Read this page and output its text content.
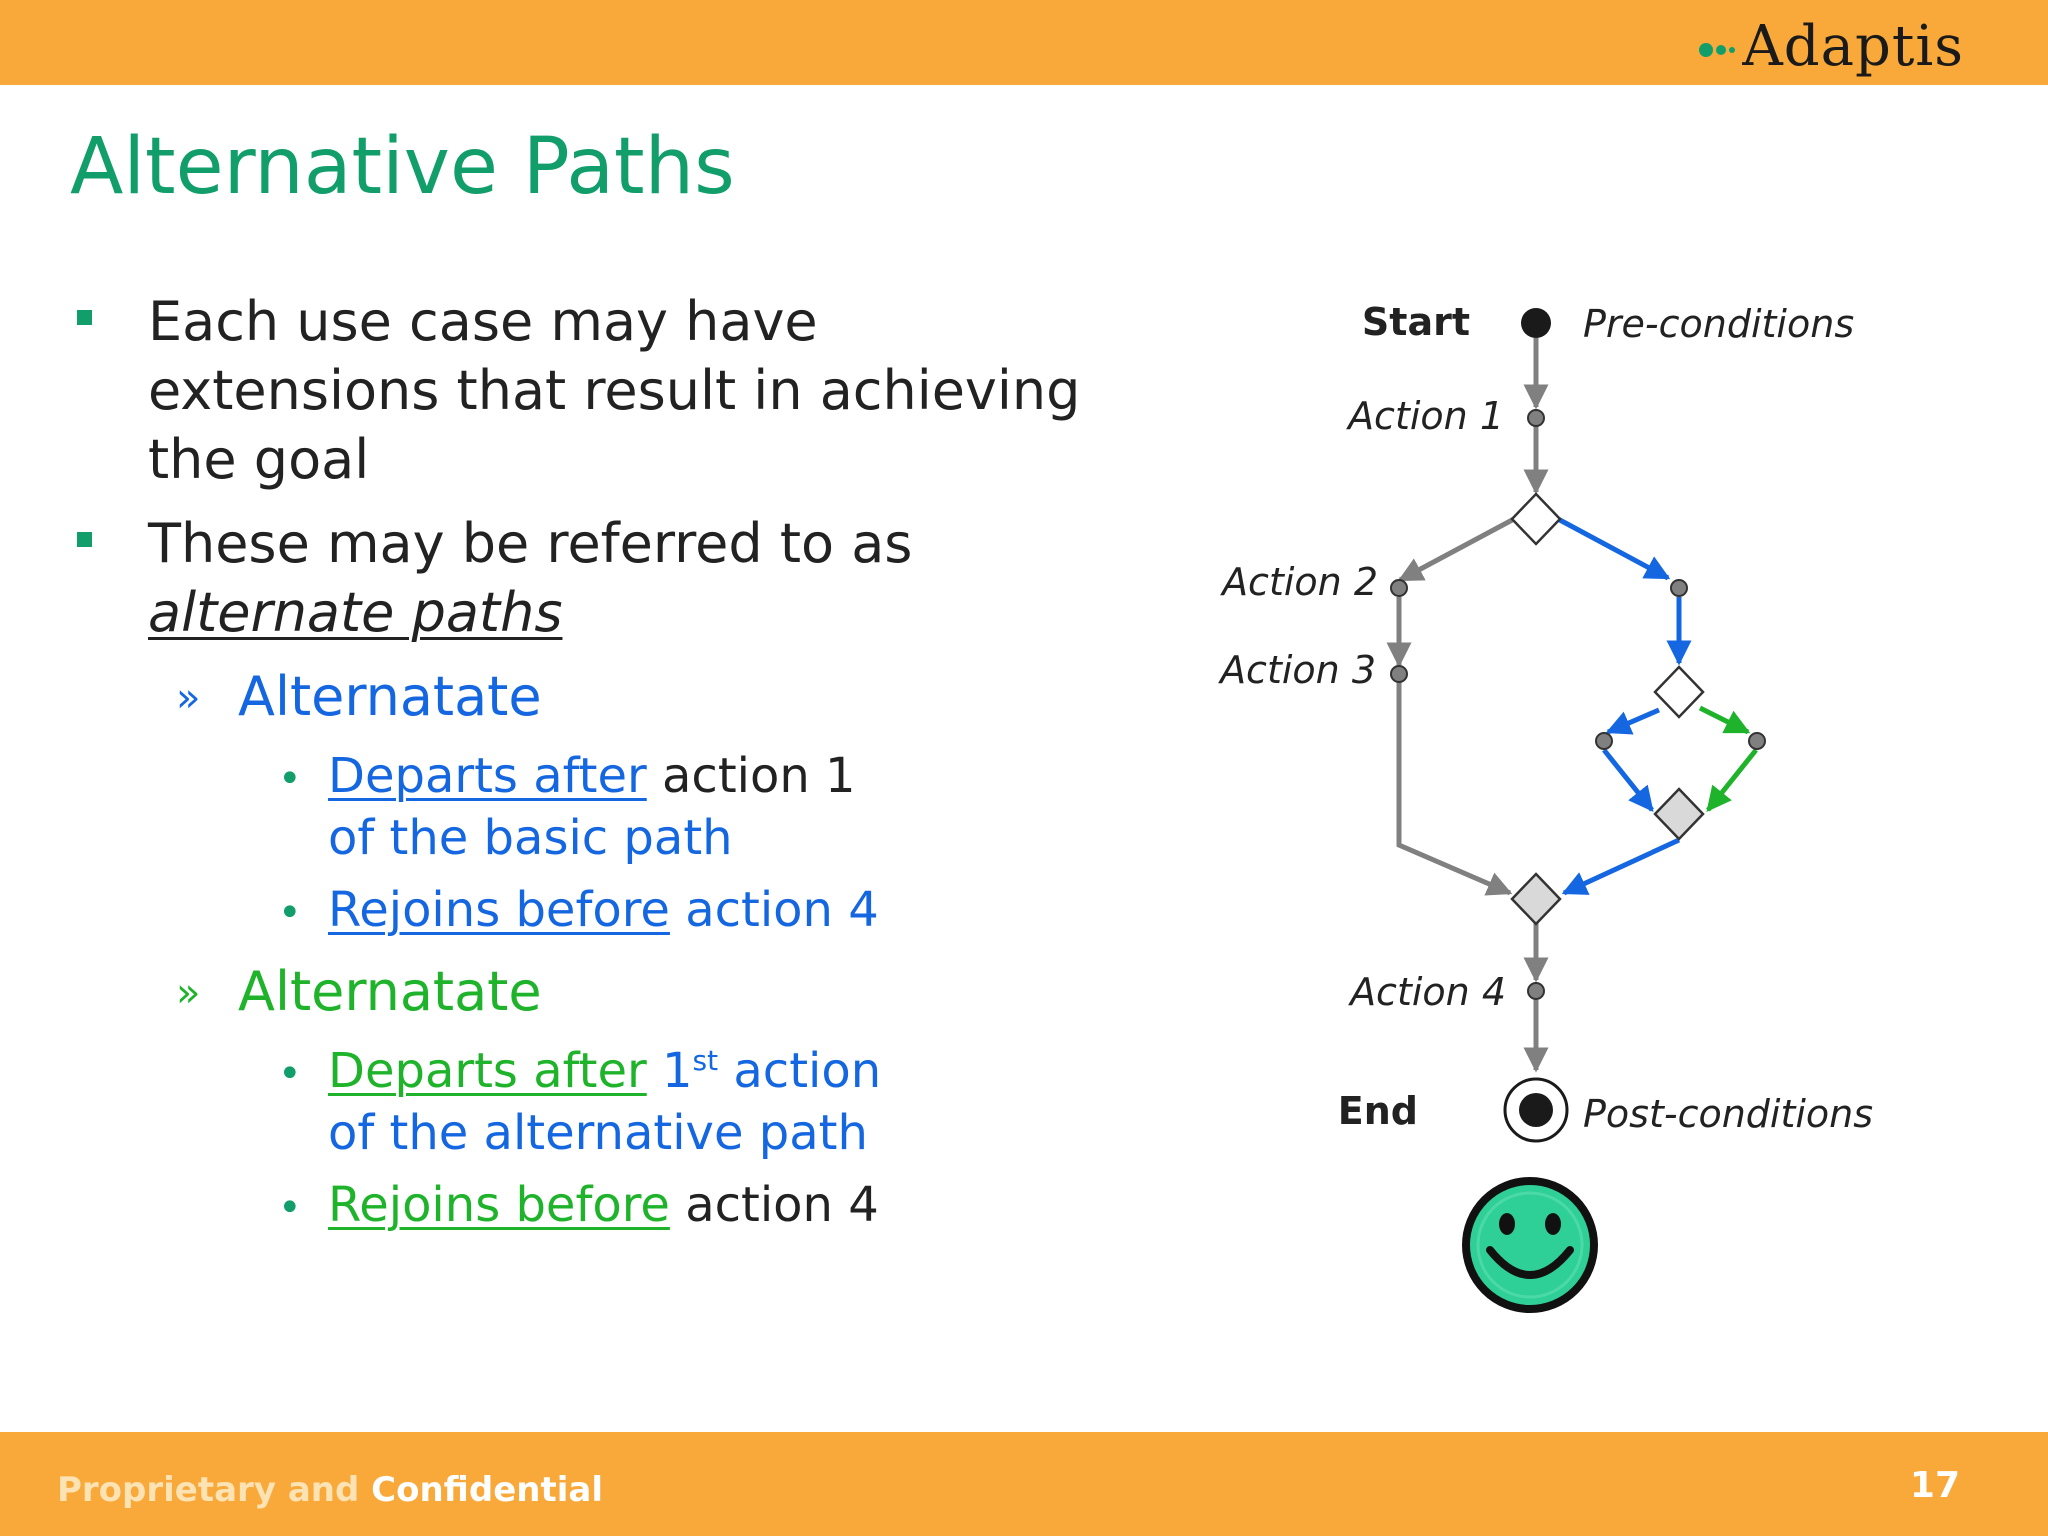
Adaptis
Alternative Paths

Each use case may have

extensions that result in achieving

the goal

These may be referred to as

alternate paths

» Alternatate

• Departs after action 1

of the basic path

• Rejoins before action 4

» Alternatate

• Departs after 1st action

of the alternative path

• Rejoins before action 4

Start	Pre-conditions
Action 1
Action 2
Action 3
Action 4
End	Post-conditions
Proprietary and Confidential	17
